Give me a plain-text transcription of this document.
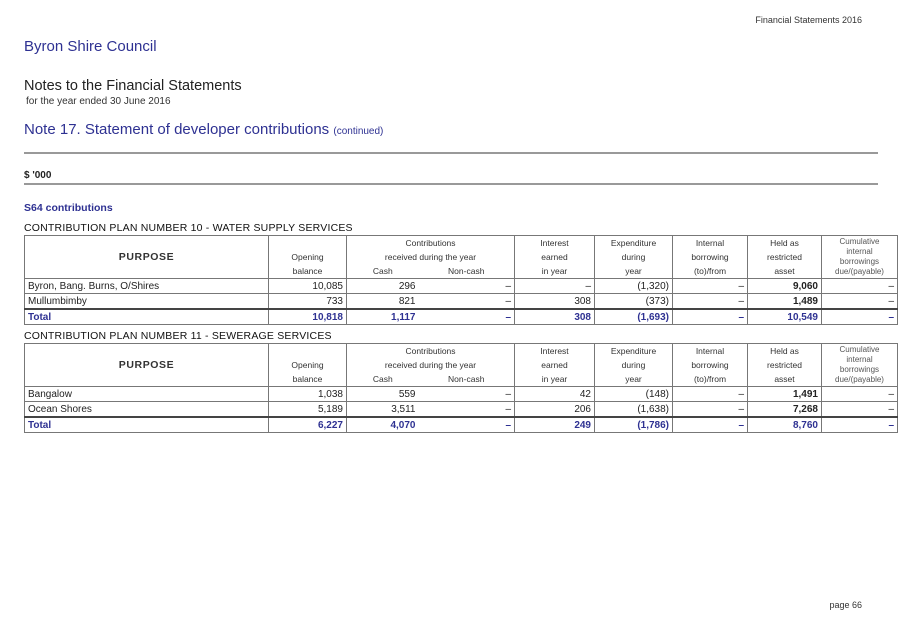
Financial Statements 2016
Byron Shire Council
Notes to the Financial Statements
for the year ended 30 June 2016
Note 17. Statement of developer contributions (continued)
$ '000
S64 contributions
CONTRIBUTION PLAN NUMBER 10 - WATER SUPPLY SERVICES
PURPOSE		Contributions		Interest	Expenditure	Internal	Held as	Cumulative
internal
borrowings
due/(payable)
	Opening	received during the year		earned	during	borrowing	restricted	
	balance	Cash	Non-cash	in year	year	(to)/from	asset	
Byron, Bang. Burns, O/Shires	10,085	296	–	–	(1,320)	–	9,060	–
Mullumbimby	733	821	–	308	(373)	–	1,489	–
Total	10,818	1,117	–	308	(1,693)	–	10,549	–
CONTRIBUTION PLAN NUMBER 11 - SEWERAGE SERVICES
PURPOSE		Contributions		Interest	Expenditure	Internal	Held as	Cumulative
internal
borrowings
due/(payable)
	Opening	received during the year		earned	during	borrowing	restricted	
	balance	Cash	Non-cash	in year	year	(to)/from	asset	
Bangalow	1,038	559	–	42	(148)	–	1,491	–
Ocean Shores	5,189	3,511	–	206	(1,638)	–	7,268	–
Total	6,227	4,070	–	249	(1,786)	–	8,760	–
page 66
